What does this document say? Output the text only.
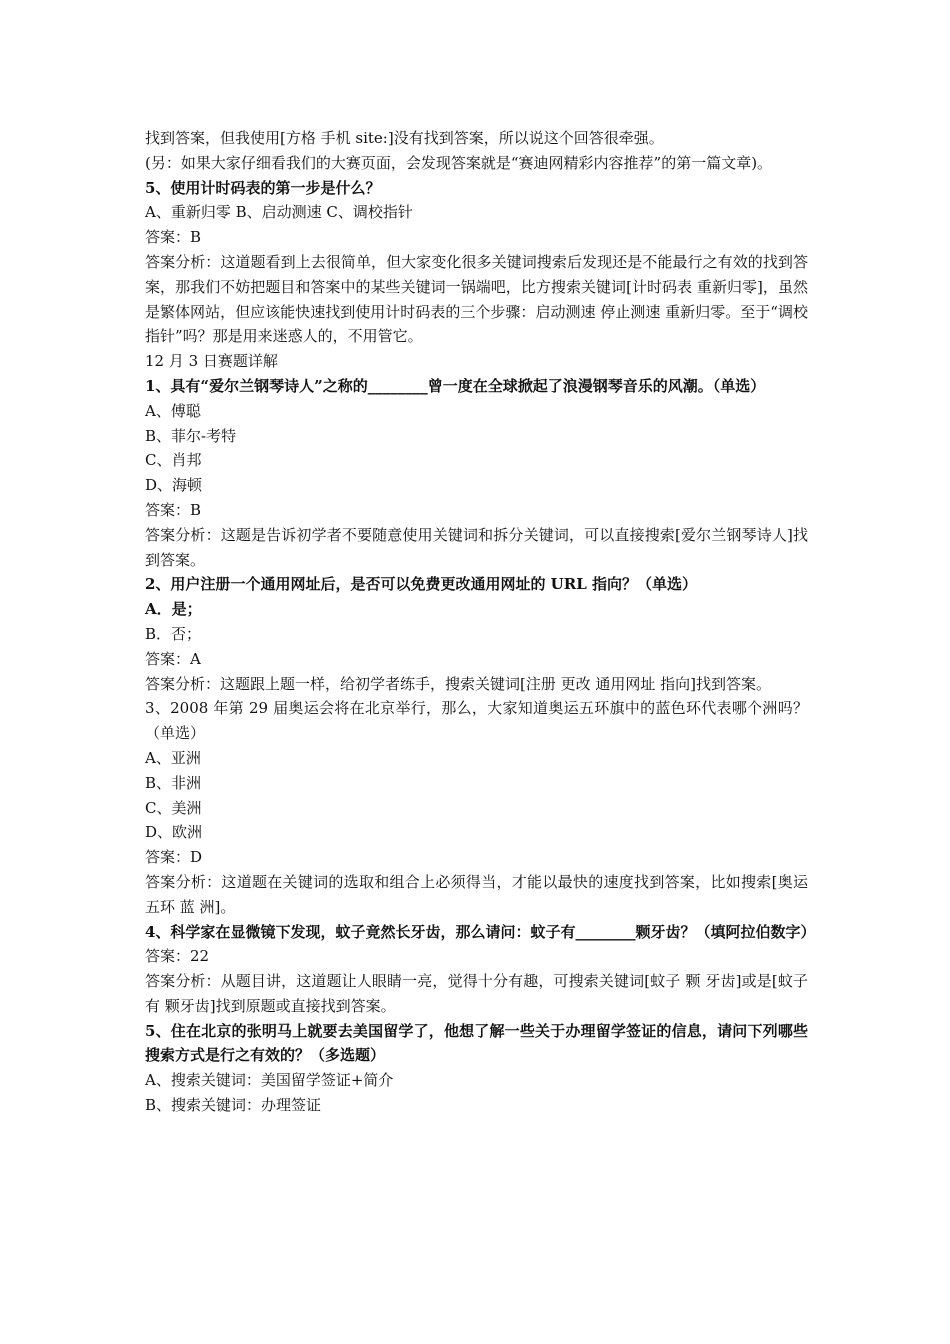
找到答案，但我使用[方格 手机 site:]没有找到答案，所以说这个回答很牵强。
(另：如果大家仔细看我们的大赛页面，会发现答案就是“赛迪网精彩内容推荐”的第一篇文章)。
5、使用计时码表的第一步是什么？
A、重新归零 B、启动测速 C、调校指针
答案：B
答案分析：这道题看到上去很简单，但大家变化很多关键词搜索后发现还是不能最行之有效的找到答案，那我们不妨把题目和答案中的某些关键词一锅端吧，比方搜索关键词[计时码表 重新归零]，虽然是繁体网站，但应该能快速找到使用计时码表的三个步骤：启动测速 停止测速 重新归零。至于“调校指针”吗？那是用来迷惑人的，不用管它。
12 月 3 日赛题详解
1、具有“爱尔兰钢琴诗人”之称的________曾一度在全球掀起了浪漫钢琴音乐的风潮。（单选）
A、傅聪
B、菲尔-考特
C、肖邦
D、海顿
答案：B
答案分析：这题是告诉初学者不要随意使用关键词和拆分关键词，可以直接搜索[爱尔兰钢琴诗人]找到答案。
2、用户注册一个通用网址后，是否可以免费更改通用网址的 URL 指向？（单选）
A．是；
B．否；
答案：A
答案分析：这题跟上题一样，给初学者练手，搜索关键词[注册 更改 通用网址 指向]找到答案。
3、2008 年第 29 届奥运会将在北京举行，那么，大家知道奥运五环旗中的蓝色环代表哪个洲吗？（单选）
A、亚洲
B、非洲
C、美洲
D、欧洲
答案：D
答案分析：这道题在关键词的选取和组合上必须得当，才能以最快的速度找到答案，比如搜索[奥运 五环 蓝 洲]。
4、科学家在显微镜下发现，蚊子竟然长牙齿，那么请问：蚊子有________颗牙齿？（填阿拉伯数字）
答案：22
答案分析：从题目讲，这道题让人眼睛一亮，觉得十分有趣，可搜索关键词[蚊子 颗 牙齿]或是[蚊子有 颗牙齿]找到原题或直接找到答案。
5、住在北京的张明马上就要去美国留学了，他想了解一些关于办理留学签证的信息，请问下列哪些搜索方式是行之有效的？（多选题）
A、搜索关键词：美国留学签证+简介
B、搜索关键词：办理签证
